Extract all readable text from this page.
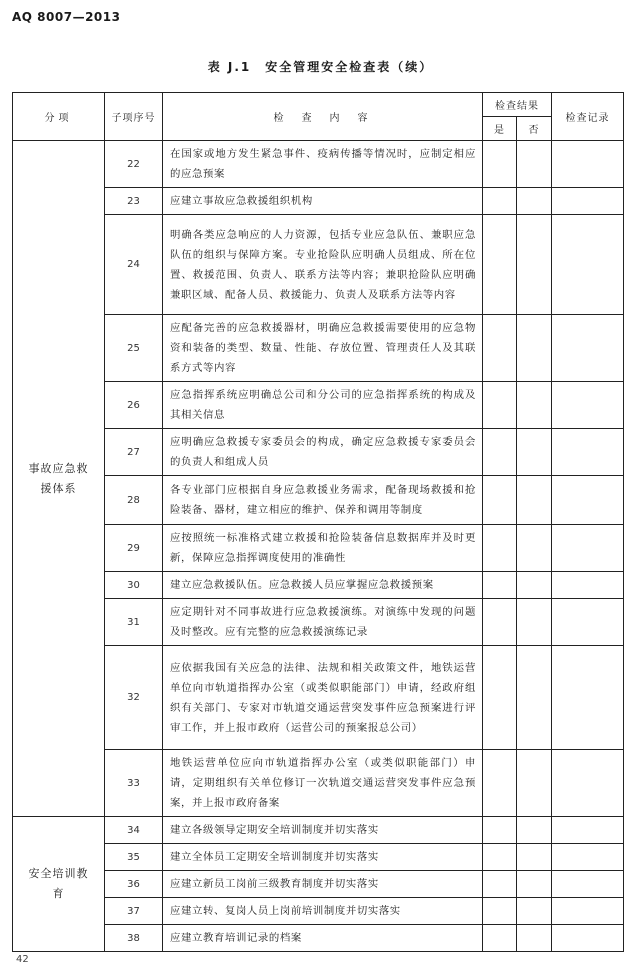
AQ 8007—2013
表 J.1　安全管理安全检查表（续）
分项	子项序号	检　查　内　容	检查结果		检查记录
			是	否	
事故应急救援体系	22	在国家或地方发生紧急事件、疫病传播等情况时，应制定相应的应急预案			
	23	应建立事故应急救援组织机构			
	24	明确各类应急响应的人力资源，包括专业应急队伍、兼职应急队伍的组织与保障方案。专业抢险队应明确人员组成、所在位置、救援范围、负责人、联系方法等内容；兼职抢险队应明确兼职区域、配备人员、救援能力、负责人及联系方法等内容			
	25	应配备完善的应急救援器材，明确应急救援需要使用的应急物资和装备的类型、数量、性能、存放位置、管理责任人及其联系方式等内容			
	26	应急指挥系统应明确总公司和分公司的应急指挥系统的构成及其相关信息			
	27	应明确应急救援专家委员会的构成，确定应急救援专家委员会的负责人和组成人员			
	28	各专业部门应根据自身应急救援业务需求，配备现场救援和抢险装备、器材，建立相应的维护、保养和调用等制度			
	29	应按照统一标准格式建立救援和抢险装备信息数据库并及时更新，保障应急指挥调度使用的准确性			
	30	建立应急救援队伍。应急救援人员应掌握应急救援预案			
	31	应定期针对不同事故进行应急救援演练。对演练中发现的问题及时整改。应有完整的应急救援演练记录			
	32	应依据我国有关应急的法律、法规和相关政策文件，地铁运营单位向市轨道指挥办公室（或类似职能部门）申请，经政府组织有关部门、专家对市轨道交通运营突发事件应急预案进行评审工作，并上报市政府（运营公司的预案报总公司）			
	33	地铁运营单位应向市轨道指挥办公室（或类似职能部门）申请，定期组织有关单位修订一次轨道交通运营突发事件应急预案，并上报市政府备案			
安全培训教育	34	建立各级领导定期安全培训制度并切实落实			
	35	建立全体员工定期安全培训制度并切实落实			
	36	应建立新员工岗前三级教育制度并切实落实			
	37	应建立转、复岗人员上岗前培训制度并切实落实			
	38	应建立教育培训记录的档案			
42
